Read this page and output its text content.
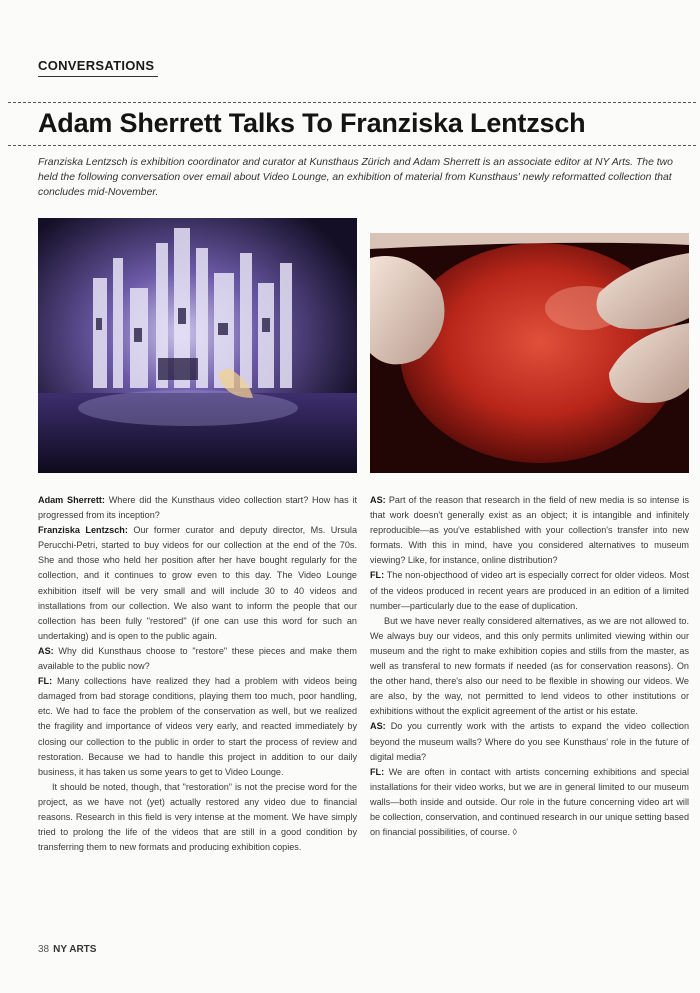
CONVERSATIONS
Adam Sherrett Talks To Franziska Lentzsch
Franziska Lentzsch is exhibition coordinator and curator at Kunsthaus Zürich and Adam Sherrett is an associate editor at NY Arts. The two held the following conversation over email about Video Lounge, an exhibition of material from Kunsthaus' newly reformatted collection that concludes mid-November.

Adam Sherrett: Where did the Kunsthaus video collection start? How has it progressed from its inception?

Franziska Lentzsch: Our former curator and deputy director, Ms. Ursula Perucchi-Petri, started to buy videos for our collection at the end of the 70s. She and those who held her position after her have bought regularly for the collection, and it continues to grow even to this day. The Video Lounge exhibition itself will be very small and will include 30 to 40 videos and installations from our collection. We also want to inform the people that our collection has been fully "restored" (if one can use this word for such an undertaking) and is open to the public again.

AS: Why did Kunsthaus choose to "restore" these pieces and make them available to the public now?

FL: Many collections have realized they had a problem with videos being damaged from bad storage conditions, playing them too much, poor handling, etc. We had to face the problem of the conservation as well, but we realized the fragility and importance of videos very early, and reacted immediately by closing our collection to the public in order to start the process of review and restoration. Because we had to handle this project in addition to our daily business, it has taken us some years to get to Video Lounge.

It should be noted, though, that "restoration" is not the precise word for the project, as we have not (yet) actually restored any video due to financial reasons. Research in this field is very intense at the moment. We have simply tried to prolong the life of the videos that are still in a good condition by transferring them to new formats and producing exhibition copies.

AS: Part of the reason that research in the field of new media is so intense is that work doesn't generally exist as an object; it is intangible and infinitely reproducible—as you've established with your collection's transfer into new formats. With this in mind, have you considered alternatives to museum viewing? Like, for instance, online distribution?

FL: The non-objecthood of video art is especially correct for older videos. Most of the videos produced in recent years are produced in an edition of a limited number—particularly due to the ease of duplication.

But we have never really considered alternatives, as we are not allowed to. We always buy our videos, and this only permits unlimited viewing within our museum and the right to make exhibition copies and stills from the master, as well as transferal to new formats if needed (as for conservation reasons). On the other hand, there's also our need to be flexible in showing our videos. We are also, by the way, not permitted to lend videos to other institutions or exhibitions without the explicit agreement of the artist or his estate.

AS: Do you currently work with the artists to expand the video collection beyond the museum walls? Where do you see Kunsthaus' role in the future of digital media?

FL: We are often in contact with artists concerning exhibitions and special installations for their video works, but we are in general limited to our museum walls—both inside and outside. Our role in the future concerning video art will be collection, conservation, and continued research in our unique setting based on financial possibilities, of course. ◊

38 NY ARTS
